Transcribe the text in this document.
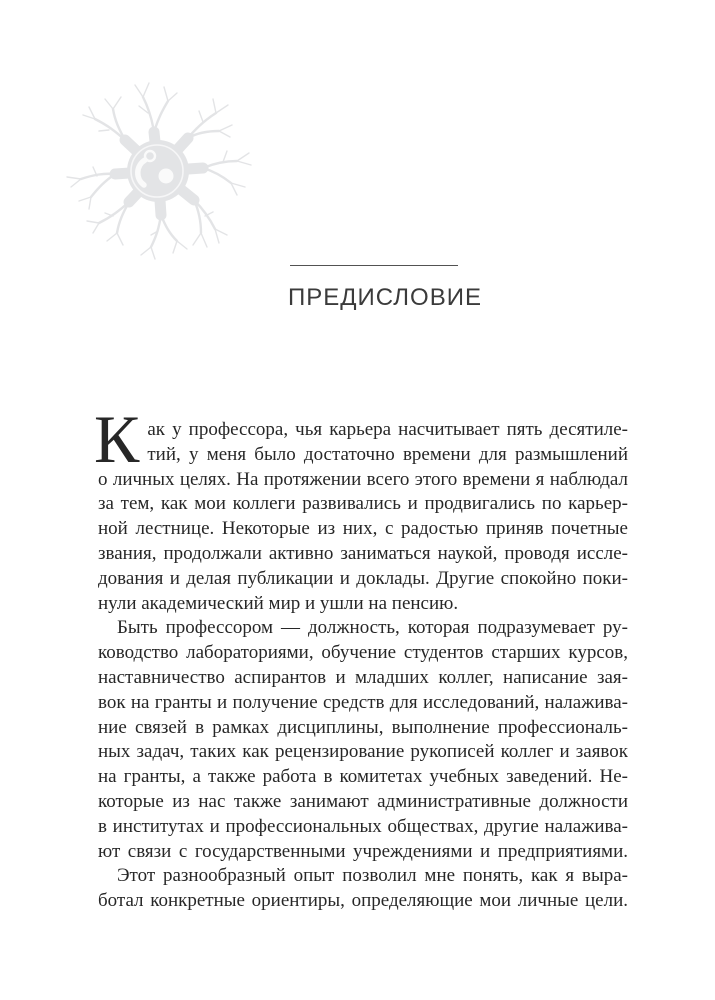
ПРЕДИСЛОВИЕ
К ак у профессора, чья карьера насчитывает пять десятиле-
тий, у меня было достаточно времени для размышлений
о личных целях. На протяжении всего этого времени я наблюдал
за тем, как мои коллеги развивались и продвигались по карьер-
ной лестнице. Некоторые из них, с радостью приняв почетные
звания, продолжали активно заниматься наукой, проводя иссле-
дования и делая публикации и доклады. Другие спокойно поки-
нули академический мир и ушли на пенсию.
Быть профессором — должность, которая подразумевает ру-
ководство лабораториями, обучение студентов старших курсов,
наставничество аспирантов и младших коллег, написание зая-
вок на гранты и получение средств для исследований, налажива-
ние связей в рамках дисциплины, выполнение профессиональ-
ных задач, таких как рецензирование рукописей коллег и заявок
на гранты, а также работа в комитетах учебных заведений. Не-
которые из нас также занимают административные должности
в институтах и профессиональных обществах, другие налажива-
ют связи с государственными учреждениями и предприятиями.
Этот разнообразный опыт позволил мне понять, как я выра-
ботал конкретные ориентиры, определяющие мои личные цели.
